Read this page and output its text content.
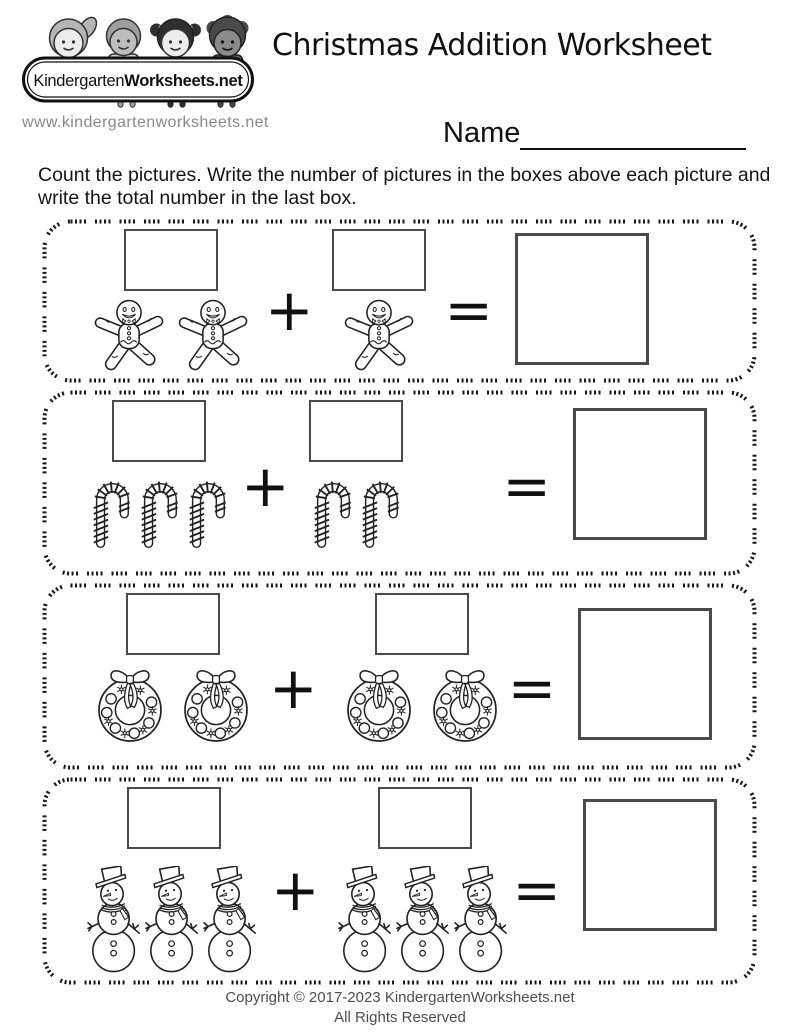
KindergartenWorksheets.net
www.kindergartenworksheets.net
Christmas Addition Worksheet
Name
Count the pictures. Write the number of pictures in the boxes above each picture and write the total number in the last box.
+ =
+	=
+	=
+	=
Copyright © 2017-2023 KindergartenWorksheets.net
All Rights Reserved
